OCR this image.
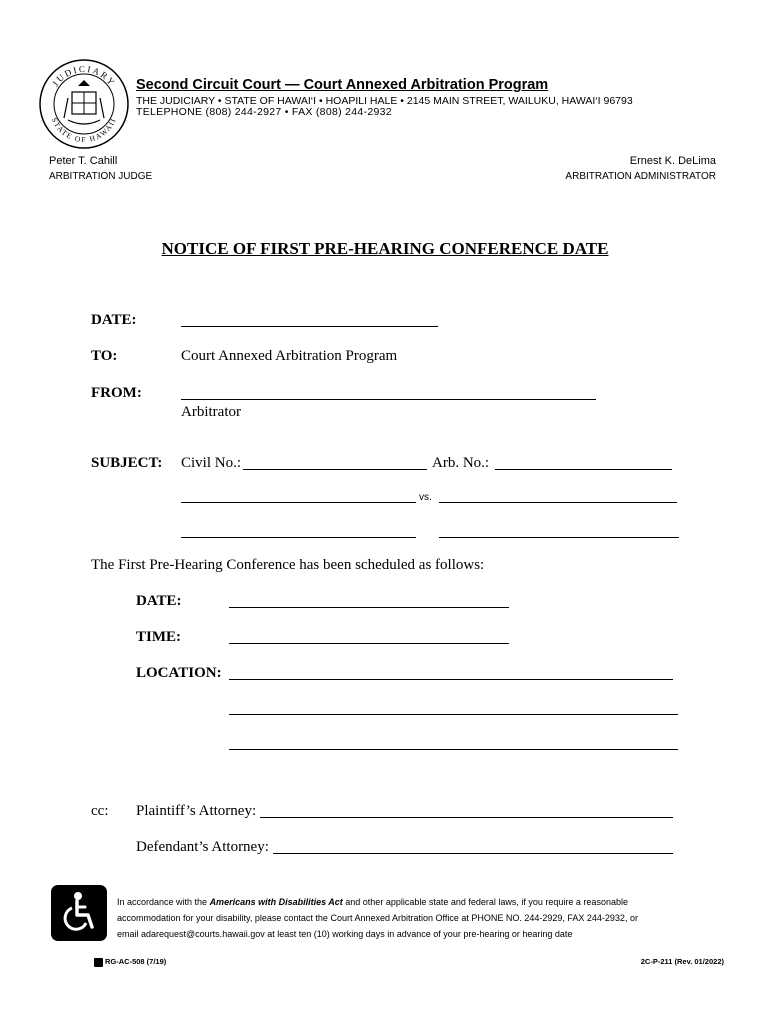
JUDICIARY
STATE OF HAWAII
Second Circuit Court — Court Annexed Arbitration Program
THE JUDICIARY • STATE OF HAWAI‘I • HOAPILI HALE • 2145 MAIN STREET, WAILUKU, HAWAI‘I 96793
TELEPHONE (808) 244-2927 • FAX (808) 244-2932
Peter T. Cahill
ARBITRATION JUDGE
Ernest K. DeLima
ARBITRATION ADMINISTRATOR
NOTICE OF FIRST PRE-HEARING CONFERENCE DATE
DATE:
TO:	Court Annexed Arbitration Program
FROM:
Arbitrator
SUBJECT: Civil No.:	Arb. No.:
vs.
The First Pre-Hearing Conference has been scheduled as follows:
DATE:
TIME:
LOCATION:
cc: Plaintiff’s Attorney:
Defendant’s Attorney:
In accordance with the Americans with Disabilities Act and other applicable state and federal laws, if you require a reasonable
accommodation for your disability, please contact the Court Annexed Arbitration Office at PHONE NO. 244-2929, FAX 244-2932, or
email adarequest@courts.hawaii.gov at least ten (10) working days in advance of your pre-hearing or hearing date
RG-AC-508 (7/19)	2C-P-211 (Rev. 01/2022)
